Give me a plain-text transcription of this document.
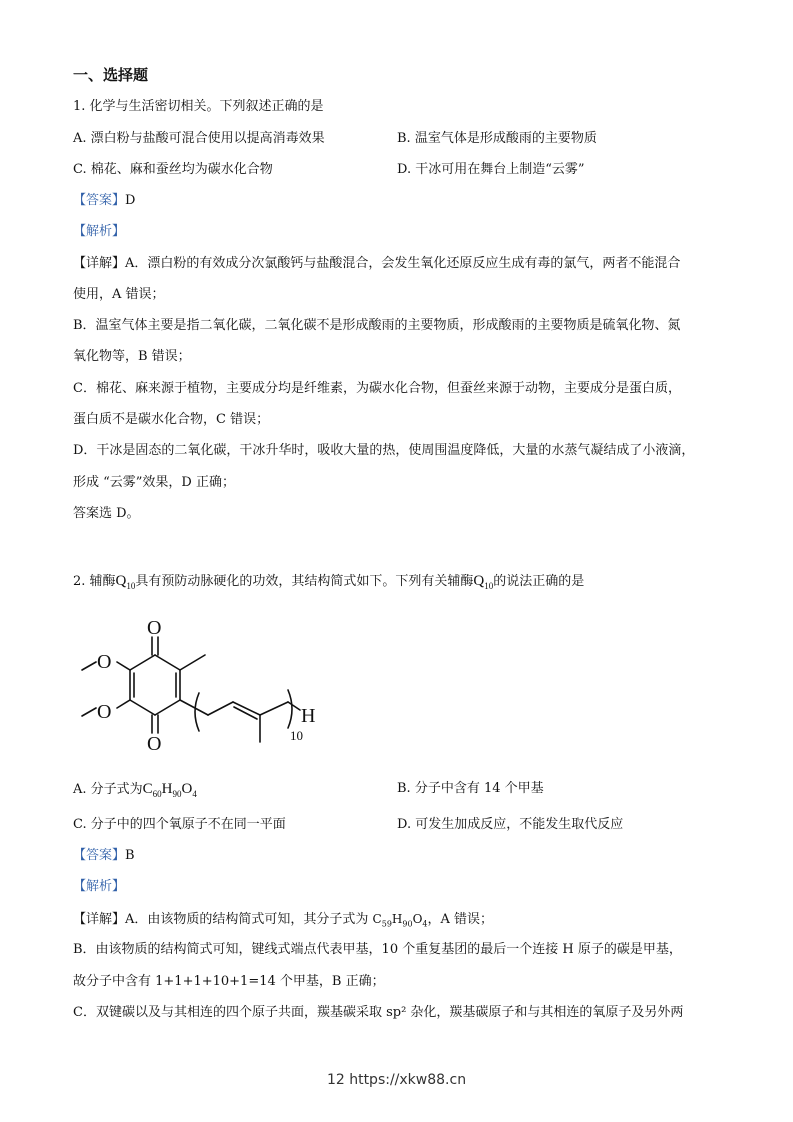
一、选择题
1. 化学与生活密切相关。下列叙述正确的是
A. 漂白粉与盐酸可混合使用以提高消毒效果	B. 温室气体是形成酸雨的主要物质
C. 棉花、麻和蚕丝均为碳水化合物	D. 干冰可用在舞台上制造“云雾”
【答案】D
【解析】
【详解】A．漂白粉的有效成分次氯酸钙与盐酸混合，会发生氧化还原反应生成有毒的氯气，两者不能混合
使用，A 错误；
B．温室气体主要是指二氧化碳，二氧化碳不是形成酸雨的主要物质，形成酸雨的主要物质是硫氧化物、氮
氧化物等，B 错误；
C．棉花、麻来源于植物，主要成分均是纤维素，为碳水化合物，但蚕丝来源于动物，主要成分是蛋白质，
蛋白质不是碳水化合物，C 错误；
D．干冰是固态的二氧化碳，干冰升华时，吸收大量的热，使周围温度降低，大量的水蒸气凝结成了小液滴，
形成 “云雾”效果，D 正确；
答案选 D。
2. 辅酶$Q_{10}$具有预防动脉硬化的功效，其结构简式如下。下列有关辅酶$Q_{10}$的说法正确的是
O
O
O
O	H
10
A. 分子式为$C_{60}H_{90}O_4$	B. 分子中含有 14 个甲基
C. 分子中的四个氧原子不在同一平面	D. 可发生加成反应，不能发生取代反应
【答案】B
【解析】
【详解】A．由该物质的结构简式可知，其分子式为 $C_{59}H_{90}O_4$，A 错误；
B．由该物质的结构简式可知，键线式端点代表甲基，10 个重复基团的最后一个连接 H 原子的碳是甲基，
故分子中含有 1+1+1+10+1=14 个甲基，B 正确；
C．双键碳以及与其相连的四个原子共面，羰基碳采取 sp² 杂化，羰基碳原子和与其相连的氧原子及另外两
12 https://xkw88.cn
